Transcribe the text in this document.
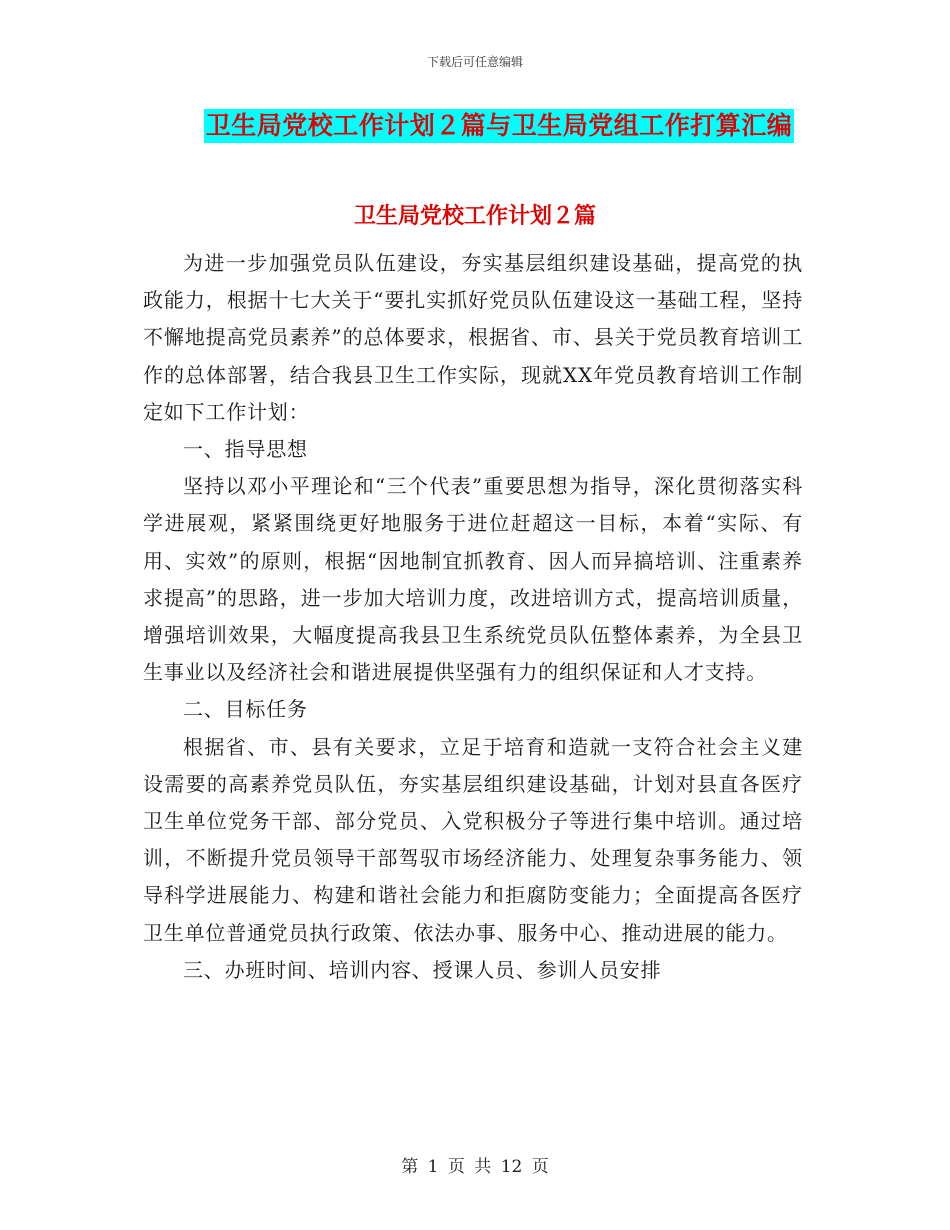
下载后可任意编辑
卫生局党校工作计划２篇与卫生局党组工作打算汇编
卫生局党校工作计划２篇

为进一步加强党员队伍建设，夯实基层组织建设基础，提高党的执政能力，根据十七大关于“要扎实抓好党员队伍建设这一基础工程，坚持不懈地提高党员素养”的总体要求，根据省、市、县关于党员教育培训工作的总体部署，结合我县卫生工作实际，现就XX年党员教育培训工作制定如下工作计划：

一、指导思想

坚持以邓小平理论和“三个代表”重要思想为指导，深化贯彻落实科学进展观，紧紧围绕更好地服务于进位赶超这一目标，本着“实际、有用、实效”的原则，根据“因地制宜抓教育、因人而异搞培训、注重素养求提高”的思路，进一步加大培训力度，改进培训方式，提高培训质量，增强培训效果，大幅度提高我县卫生系统党员队伍整体素养，为全县卫生事业以及经济社会和谐进展提供坚强有力的组织保证和人才支持。

二、目标任务

根据省、市、县有关要求，立足于培育和造就一支符合社会主义建设需要的高素养党员队伍，夯实基层组织建设基础，计划对县直各医疗卫生单位党务干部、部分党员、入党积极分子等进行集中培训。通过培训，不断提升党员领导干部驾驭市场经济能力、处理复杂事务能力、领导科学进展能力、构建和谐社会能力和拒腐防变能力；全面提高各医疗卫生单位普通党员执行政策、依法办事、服务中心、推动进展的能力。

三、办班时间、培训内容、授课人员、参训人员安排

第 1 页 共 12 页
